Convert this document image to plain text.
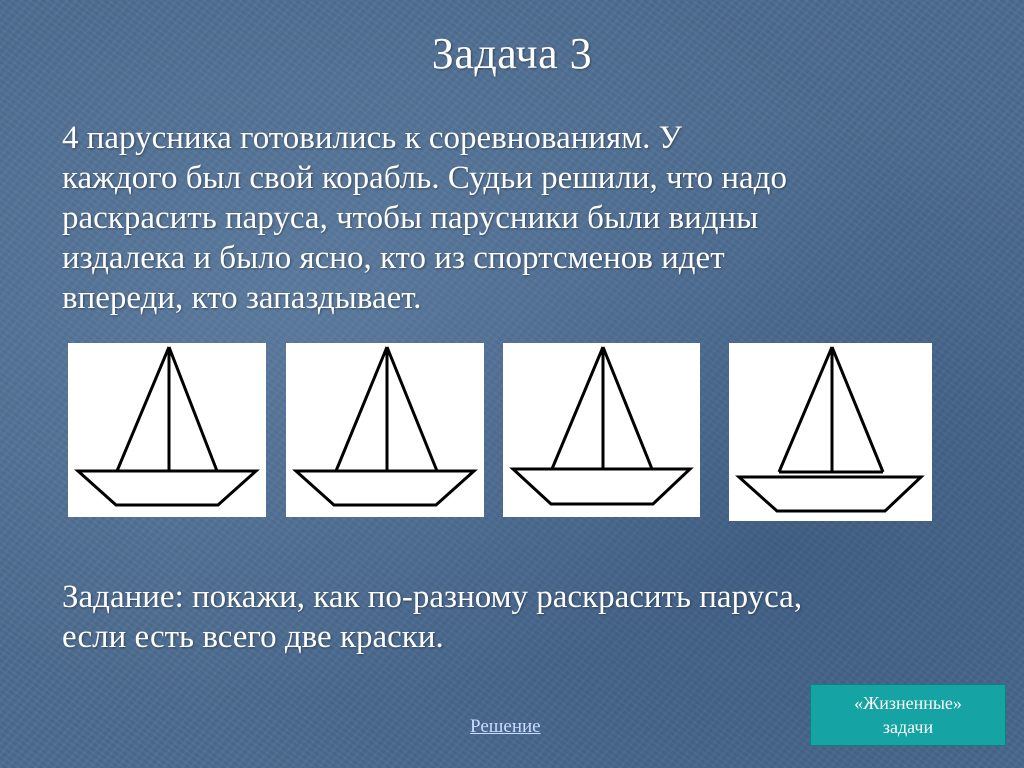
Задача 3
4 парусника готовились к соревнованиям. У
каждого был свой корабль. Судьи решили, что надо
раскрасить паруса, чтобы парусники были видны
издалека и было ясно, кто из спортсменов идет
впереди, кто запаздывает.
Задание: покажи, как по-разному раскрасить паруса,
если есть всего две краски.
Решение
«Жизненные»
задачи
